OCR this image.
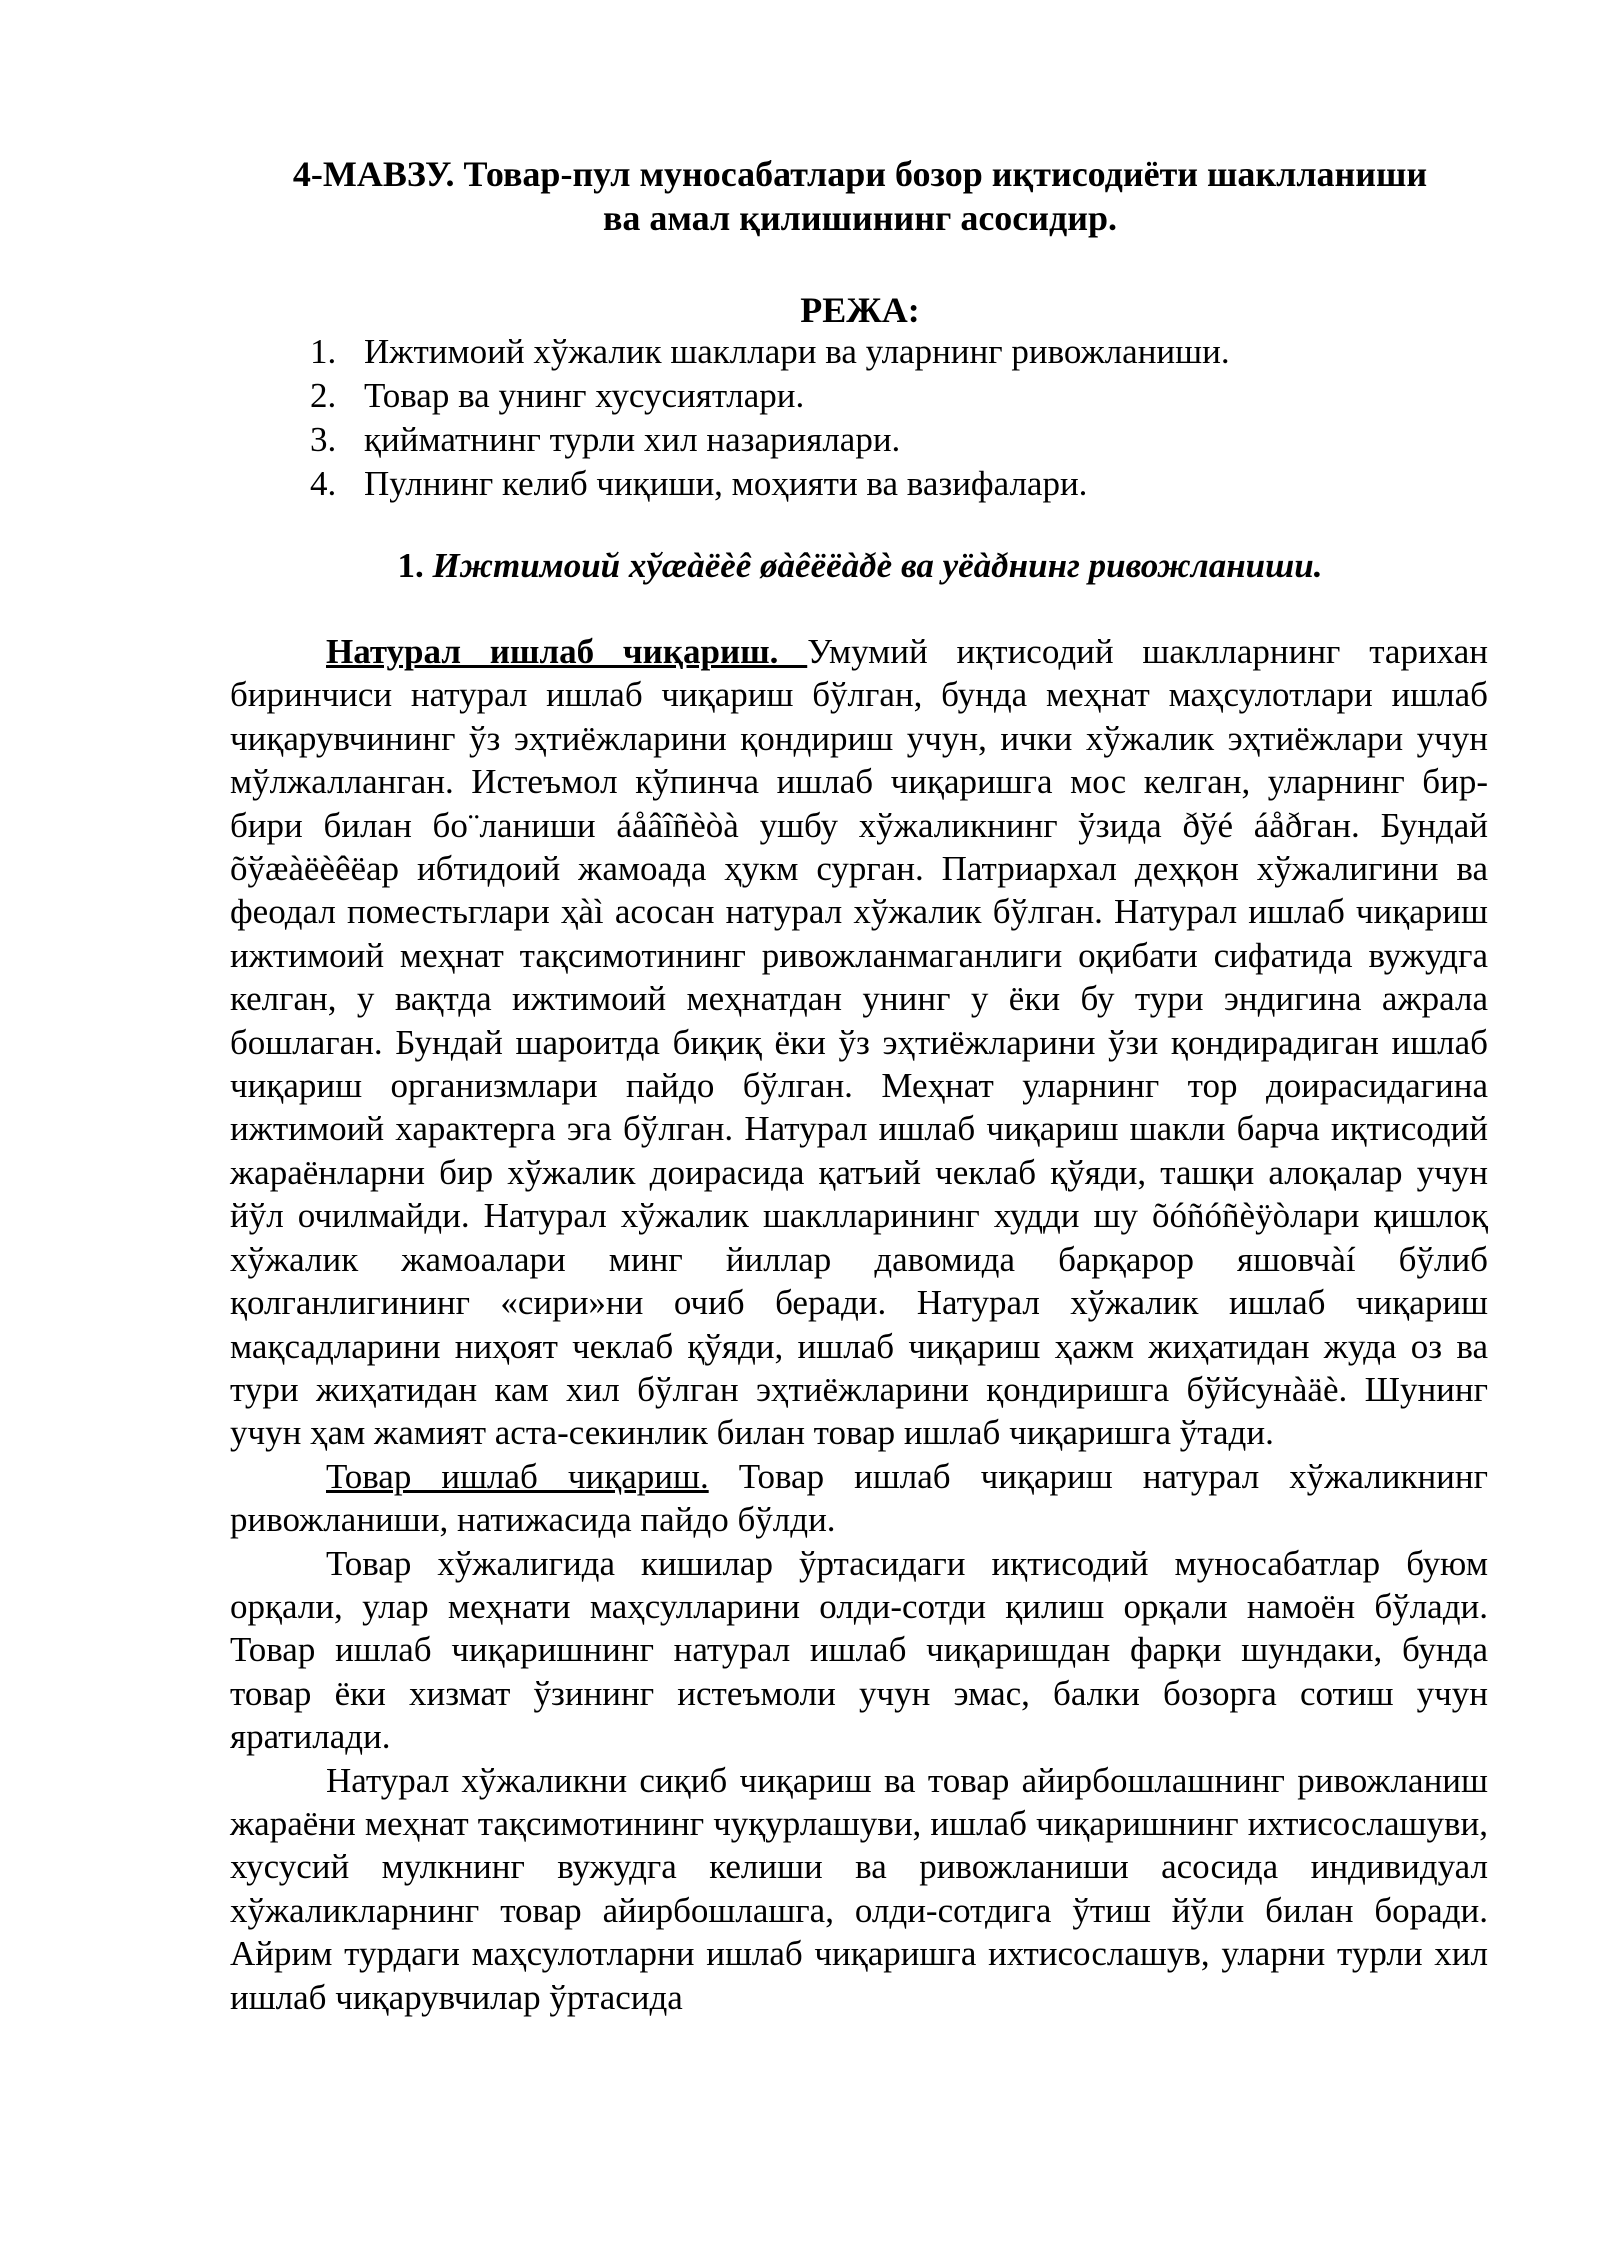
4-МАВЗУ. Товар-пул муносабатлари бозор иқтисодиёти шаклланиши
ва амал қилишининг асосидир.
РЕЖА:
1. Ижтимоий хўжалик шакллари ва уларнинг ривожланиши.
2. Товар ва унинг хусусиятлари.
3. қийматнинг турли хил назариялари.
4. Пулнинг келиб чиқиши, моҳияти ва вазифалари.
1. Ижтимоий хўæàëèê øàêëëàðè ва уёàðнинг ривожланиши.

Натурал ишлаб чиқариш. Умумий иқтисодий шаклларнинг тарихан биринчиси натурал ишлаб чиқариш бўлган, бунда меҳнат маҳсулотлари ишлаб чиқарувчининг ўз эҳтиёжларини қондириш учун, ички хўжалик эҳтиёжлари учун мўлжалланган. Истеъмол кўпинча ишлаб чиқаришга мос келган, уларнинг бир-бири билан бо¨ланиши áåâîñèòà ушбу хўжаликнинг ўзида ðўé áåðган. Бундай õўæàëèêëар ибтидоий жамоада ҳукм сурган. Патриархал деҳқон хўжалигини ва феодал поместьглари ҳàì асосан натурал хўжалик бўлган. Натурал ишлаб чиқариш ижтимоий меҳнат тақсимотининг ривожланмаганлиги оқибати сифатида вужудга келган, у вақтда ижтимоий меҳнатдан унинг у ёки бу тури эндигина ажрала бошлаган. Бундай шароитда биқиқ ёки ўз эҳтиёжларини ўзи қондирадиган ишлаб чиқариш организмлари пайдо бўлган. Меҳнат уларнинг тор доирасидагина ижтимоий характерга эга бўлган. Натурал ишлаб чиқариш шакли барча иқтисодий жараёнларни бир хўжалик доирасида қатъий чеклаб қўяди, ташқи алоқалар учун йўл очилмайди. Натурал хўжалик шаклларининг худди шу õóñóñèÿòлари қишлоқ хўжалик жамоалари минг йиллар давомида барқарор яшовчàí бўлиб қолганлигининг «сири»ни очиб беради. Натурал хўжалик ишлаб чиқариш мақсадларини ниҳоят чеклаб қўяди, ишлаб чиқариш ҳажм жиҳатидан жуда оз ва тури жиҳатидан кам хил бўлган эҳтиёжларини қондиришга бўйсунàäè. Шунинг учун ҳам жамият аста-секинлик билан товар ишлаб чиқаришга ўтади.

Товар ишлаб чиқариш. Товар ишлаб чиқариш натурал хўжаликнинг ривожланиши, натижасида пайдо бўлди.

Товар хўжалигида кишилар ўртасидаги иқтисодий муносабатлар буюм орқали, улар меҳнати маҳсулларини олди-сотди қилиш орқали намоён бўлади. Товар ишлаб чиқаришнинг натурал ишлаб чиқаришдан фарқи шундаки, бунда товар ёки хизмат ўзининг истеъмоли учун эмас, балки бозорга сотиш учун яратилади.

Натурал хўжаликни сиқиб чиқариш ва товар айирбошлашнинг ривожланиш жараёни меҳнат тақсимотининг чуқурлашуви, ишлаб чиқаришнинг ихтисослашуви, хусусий мулкнинг вужудга келиши ва ривожланиши асосида индивидуал хўжаликларнинг товар айирбошлашга, олди-сотдига ўтиш йўли билан боради. Айрим турдаги маҳсулотларни ишлаб чиқаришга ихтисослашув, уларни турли хил ишлаб чиқарувчилар ўртасида
